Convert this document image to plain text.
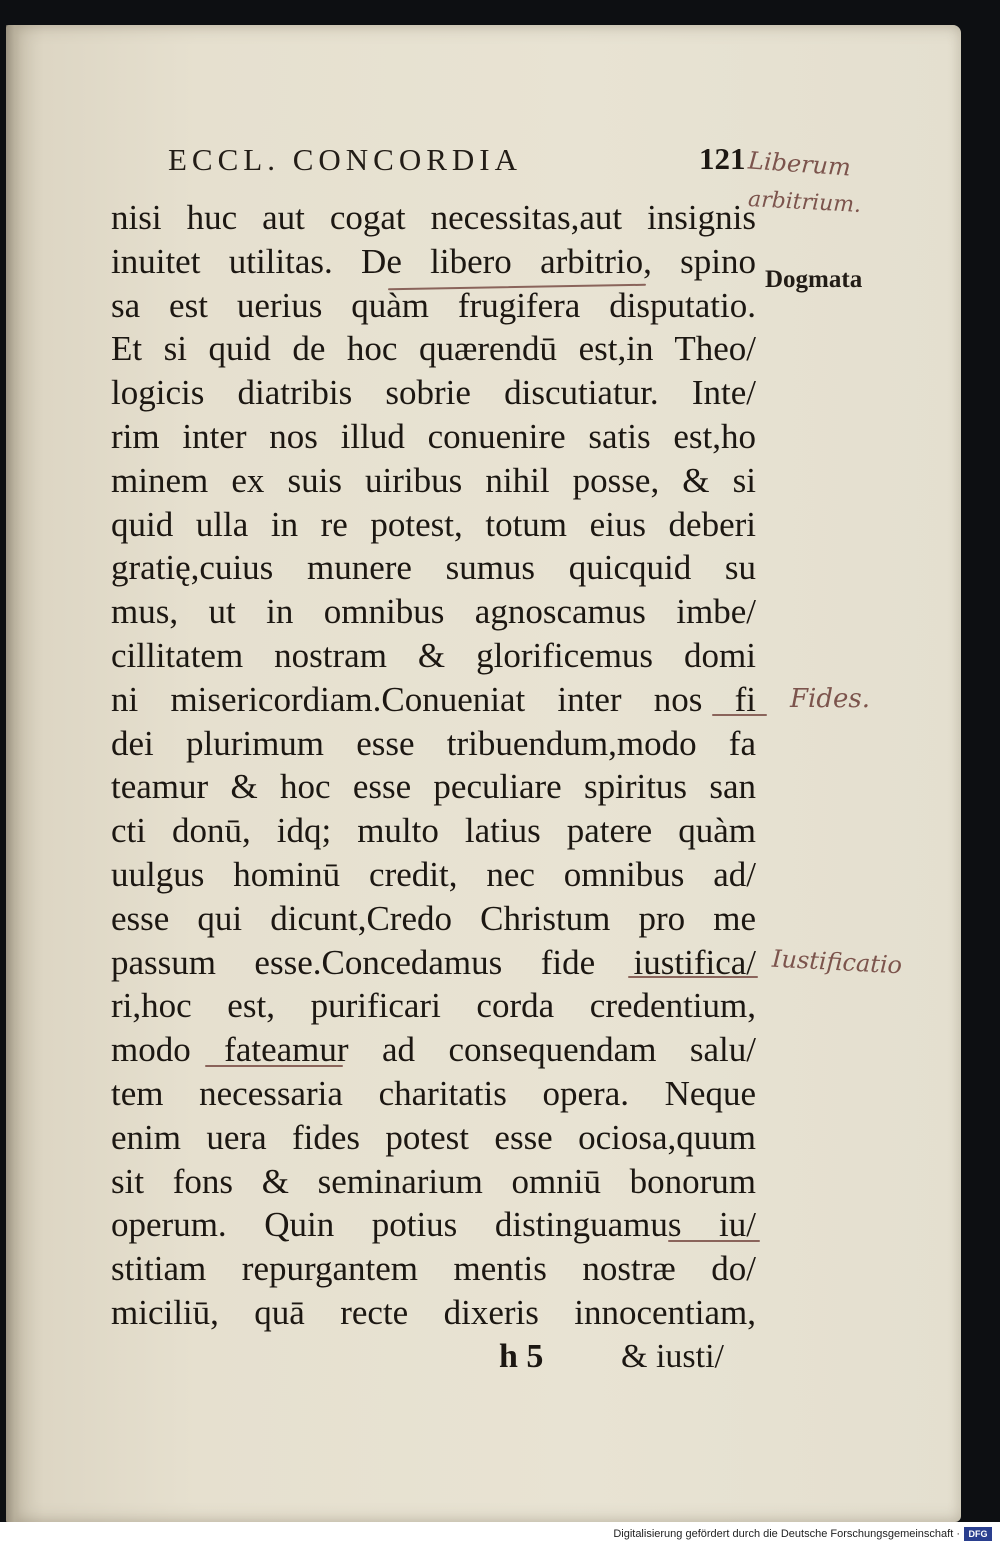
ECCL. CONCORDIA	121 Liberum
arbitrium.
Dogmata
Fides.
Iustificatio
nisi huc aut cogat necessitas,aut insignis
inuitet utilitas. De libero arbitrio, spino
sa est uerius quàm frugifera disputatio.
Et si quid de hoc quærendū est,in Theo/
logicis diatribis sobrie discutiatur. Inte/
rim inter nos illud conuenire satis est,ho
minem ex suis uiribus nihil posse, & si
quid ulla in re potest, totum eius deberi
gratię,cuius munere sumus quicquid su
mus, ut in omnibus agnoscamus imbe/
cillitatem nostram & glorificemus domi
ni misericordiam.Conueniat inter nos fi
dei plurimum esse tribuendum,modo fa
teamur & hoc esse peculiare spiritus san
cti donū, idq; multo latius patere quàm
uulgus hominū credit, nec omnibus ad/
esse qui dicunt,Credo Christum pro me
passum esse.Concedamus fide iustifica/
ri,hoc est, purificari corda credentium,
modo fateamur ad consequendam salu/
tem necessaria charitatis opera. Neque
enim uera fides potest esse ociosa,quum
sit fons & seminarium omniū bonorum
operum. Quin potius distinguamus iu/
stitiam repurgantem mentis nostræ do/
miciliū, quā recte dixeris innocentiam,
h 5 & iusti/
Digitalisierung gefördert durch die Deutsche Forschungsgemeinschaft · DFG
